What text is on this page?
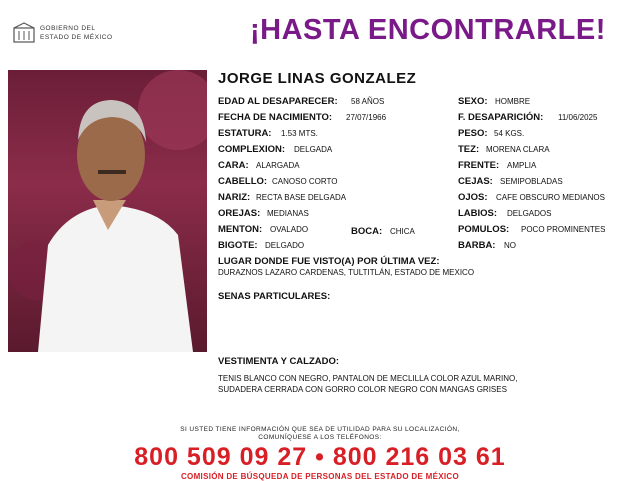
GOBIERNO DEL
ESTADO DE MÉXICO	¡HASTA ENCONTRARLE!
JORGE LINAS GONZALEZ
EDAD AL DESAPARECER: 58 AÑOS	SEXO: HOMBRE
FECHA DE NACIMIENTO: 27/07/1966	F. DESAPARICIÓN: 11/06/2025
ESTATURA: 1.53 MTS.	PESO: 54 KGS.
COMPLEXION: DELGADA	TEZ: MORENA CLARA
CARA: ALARGADA	FRENTE: AMPLIA
CABELLO: CANOSO CORTO	CEJAS: SEMIPOBLADAS
NARIZ: RECTA BASE DELGADA	OJOS: CAFE OBSCURO MEDIANOS
OREJAS: MEDIANAS	LABIOS: DELGADOS
MENTON: OVALADO	BOCA: CHICA	POMULOS: POCO PROMINENTES
BIGOTE: DELGADO	BARBA: NO
LUGAR DONDE FUE VISTO(A) POR ÚLTIMA VEZ:
DURAZNOS LAZARO CARDENAS, TULTITLÁN, ESTADO DE MEXICO
SENAS PARTICULARES:
VESTIMENTA Y CALZADO:
TENIS BLANCO CON NEGRO, PANTALON DE MECLILLA COLOR AZUL MARINO,
SUDADERA CERRADA CON GORRO COLOR NEGRO CON MANGAS GRISES
SI USTED TIENE INFORMACIÓN QUE SEA DE UTILIDAD PARA SU LOCALIZACIÓN,
COMUNÍQUESE A LOS TELÉFONOS:
800 509 09 27 • 800 216 03 61
COMISIÓN DE BÚSQUEDA DE PERSONAS DEL ESTADO DE MÉXICO
